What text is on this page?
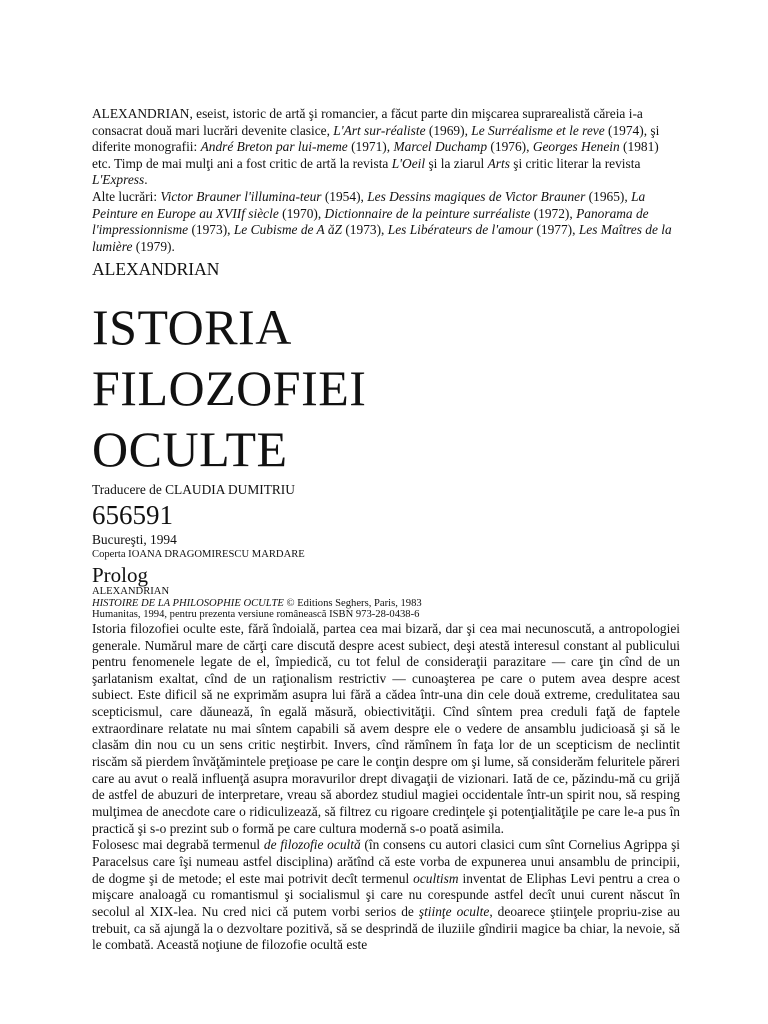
ALEXANDRIAN, eseist, istoric de artă şi romancier, a făcut parte din mişcarea suprarealistă căreia i-a consacrat două mari lucrări devenite clasice, L'Art sur-réaliste (1969), Le Surréalisme et le reve (1974), şi diferite monografii: André Breton par lui-meme (1971), Marcel Duchamp (1976), Georges Henein (1981) etc. Timp de mai mulţi ani a fost critic de artă la revista L'Oeil şi la ziarul Arts şi critic literar la revista L'Express.

Alte lucrări: Victor Brauner l'illumina-teur (1954), Les Dessins magiques de Victor Brauner (1965), La Peinture en Europe au XVIIf siècle (1970), Dictionnaire de la peinture surréaliste (1972), Panorama de l'impressionnisme (1973), Le Cubisme de A ăZ (1973), Les Libérateurs de l'amour (1977), Les Maîtres de la lumière (1979).

ALEXANDRIAN
ISTORIA
FILOZOFIEI
OCULTE
Traducere de CLAUDIA DUMITRIU
656591
Bucureşti, 1994
Coperta IOANA DRAGOMIRESCU MARDARE
Prolog
ALEXANDRIAN
HISTOIRE DE LA PHILOSOPHIE OCULTE © Editions Seghers, Paris, 1983
Humanitas, 1994, pentru prezenta versiune românească ISBN 973-28-0438-6

Istoria filozofiei oculte este, fără îndoială, partea cea mai bizară, dar şi cea mai necunoscută, a antropologiei generale. Numărul mare de cărţi care discută despre acest subiect, deşi atestă interesul constant al publicului pentru fenomenele legate de el, împiedică, cu tot felul de consideraţii parazitare — care ţin cînd de un şarlatanism exaltat, cînd de un raţionalism restrictiv — cunoaşterea pe care o putem avea despre acest subiect. Este dificil să ne exprimăm asupra lui fără a cădea într-una din cele două extreme, credulitatea sau scepticismul, care dăunează, în egală măsură, obiectivităţii. Cînd sîntem prea creduli faţă de faptele extraordinare relatate nu mai sîntem capabili să avem despre ele o vedere de ansamblu judicioasă şi să le clasăm din nou cu un sens critic neştirbit. Invers, cînd rămînem în faţa lor de un scepticism de neclintit riscăm să pierdem învăţămintele preţioase pe care le conţin despre om şi lume, să considerăm feluritele păreri care au avut o reală influenţă asupra moravurilor drept divagaţii de vizionari. Iată de ce, păzindu-mă cu grijă de astfel de abuzuri de interpretare, vreau să abordez studiul magiei occidentale într-un spirit nou, să resping mulţimea de anecdote care o ridiculizează, să filtrez cu rigoare credinţele şi potenţialităţile pe care le-a pus în practică şi s-o prezint sub o formă pe care cultura modernă s-o poată asimila.

Folosesc mai degrabă termenul de filozofie ocultă (în consens cu autori clasici cum sînt Cornelius Agrippa şi Paracelsus care îşi numeau astfel disciplina) arătînd că este vorba de expunerea unui ansamblu de principii, de dogme şi de metode; el este mai potrivit decît termenul ocultism inventat de Eliphas Levi pentru a crea o mişcare analoagă cu romantismul şi socialismul şi care nu corespunde astfel decît unui curent născut în secolul al XIX-lea. Nu cred nici că putem vorbi serios de ştiinţe oculte, deoarece ştiinţele propriu-zise au trebuit, ca să ajungă la o dezvoltare pozitivă, să se desprindă de iluziile gîndirii magice ba chiar, la nevoie, să le combată. Această noţiune de filozofie ocultă este
